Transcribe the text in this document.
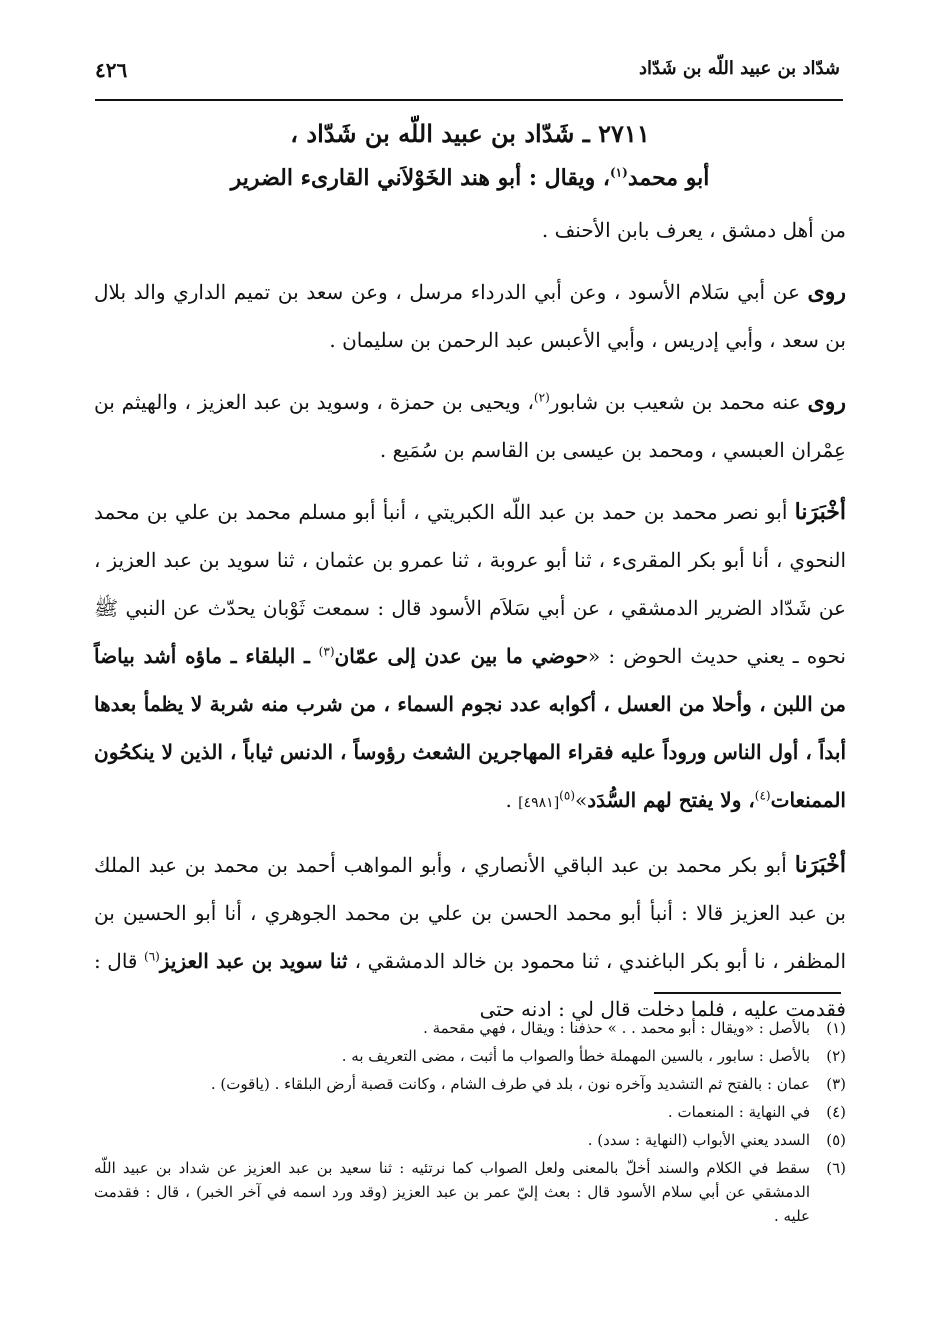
شدّاد بن عبيد اللّه بن شَدّاد
٤٢٦

٢٧١١ ـ شَدّاد بن عبيد اللّه بن شَدّاد ،

أبو محمد$^{(١)}$، ويقال : أبو هند الخَوْلاَني القارىء الضرير

من أهل دمشق ، يعرف بابن الأحنف .

روى عن أبي سَلام الأسود ، وعن أبي الدرداء مرسل ، وعن سعد بن تميم الداري والد بلال بن سعد ، وأبي إدريس ، وأبي الأعبس عبد الرحمن بن سليمان .

روى عنه محمد بن شعيب بن شابور$^{(٢)}$، ويحيى بن حمزة ، وسويد بن عبد العزيز ، والهيثم بن عِمْران العبسي ، ومحمد بن عيسى بن القاسم بن سُمَيع .

أخْبَرَنا أبو نصر محمد بن حمد بن عبد اللّه الكبريتي ، أنبأ أبو مسلم محمد بن علي بن محمد النحوي ، أنا أبو بكر المقرىء ، ثنا أبو عروبة ، ثنا عمرو بن عثمان ، ثنا سويد بن عبد العزيز ، عن شَدّاد الضرير الدمشقي ، عن أبي سَلاَم الأسود قال : سمعت ثَوْبان يحدّث عن النبي ﷺ نحوه ـ يعني حديث الحوض : «حوضي ما بين عدن إلى عمّان$^{(٣)}$ ـ البلقاء ـ ماؤه أشد بياضاً من اللبن ، وأحلا من العسل ، أكوابه عدد نجوم السماء ، من شرب منه شربة لا يظمأ بعدها أبداً ، أول الناس وروداً عليه فقراء المهاجرين الشعث رؤوساً ، الدنس ثياباً ، الذين لا ينكحُون الممنعات$^{(٤)}$، ولا يفتح لهم السُّدَد»$^{(٥)}$[٤٩٨١] .

أخْبَرَنا أبو بكر محمد بن عبد الباقي الأنصاري ، وأبو المواهب أحمد بن محمد بن عبد الملك بن عبد العزيز قالا : أنبأ أبو محمد الحسن بن علي بن محمد الجوهري ، أنا أبو الحسين بن المظفر ، نا أبو بكر الباغندي ، ثنا محمود بن خالد الدمشقي ، ثنا سويد بن عبد العزيز$^{(٦)}$ قال : فقدمت عليه ، فلما دخلت قال لي : ادنه حتى

(١)
بالأصل : «ويقال : أبو محمد . . » حذفنا : ويقال ، فهي مقحمة .
(٢)
بالأصل : سابور ، بالسين المهملة خطأ والصواب ما أثبت ، مضى التعريف به .
(٣)
عمان : بالفتح ثم التشديد وآخره نون ، بلد في طرف الشام ، وكانت قصبة أرض البلقاء . (ياقوت) .
(٤)
في النهاية : المنعمات .
(٥)
السدد يعني الأبواب (النهاية : سدد) .
(٦)
سقط في الكلام والسند أخلّ بالمعنى ولعل الصواب كما نرتئيه : ثنا سعيد بن عبد العزيز عن شداد بن عبيد اللّه الدمشقي عن أبي سلام الأسود قال : بعث إليّ عمر بن عبد العزيز (وقد ورد اسمه في آخر الخبر) ، قال : فقدمت عليه .
